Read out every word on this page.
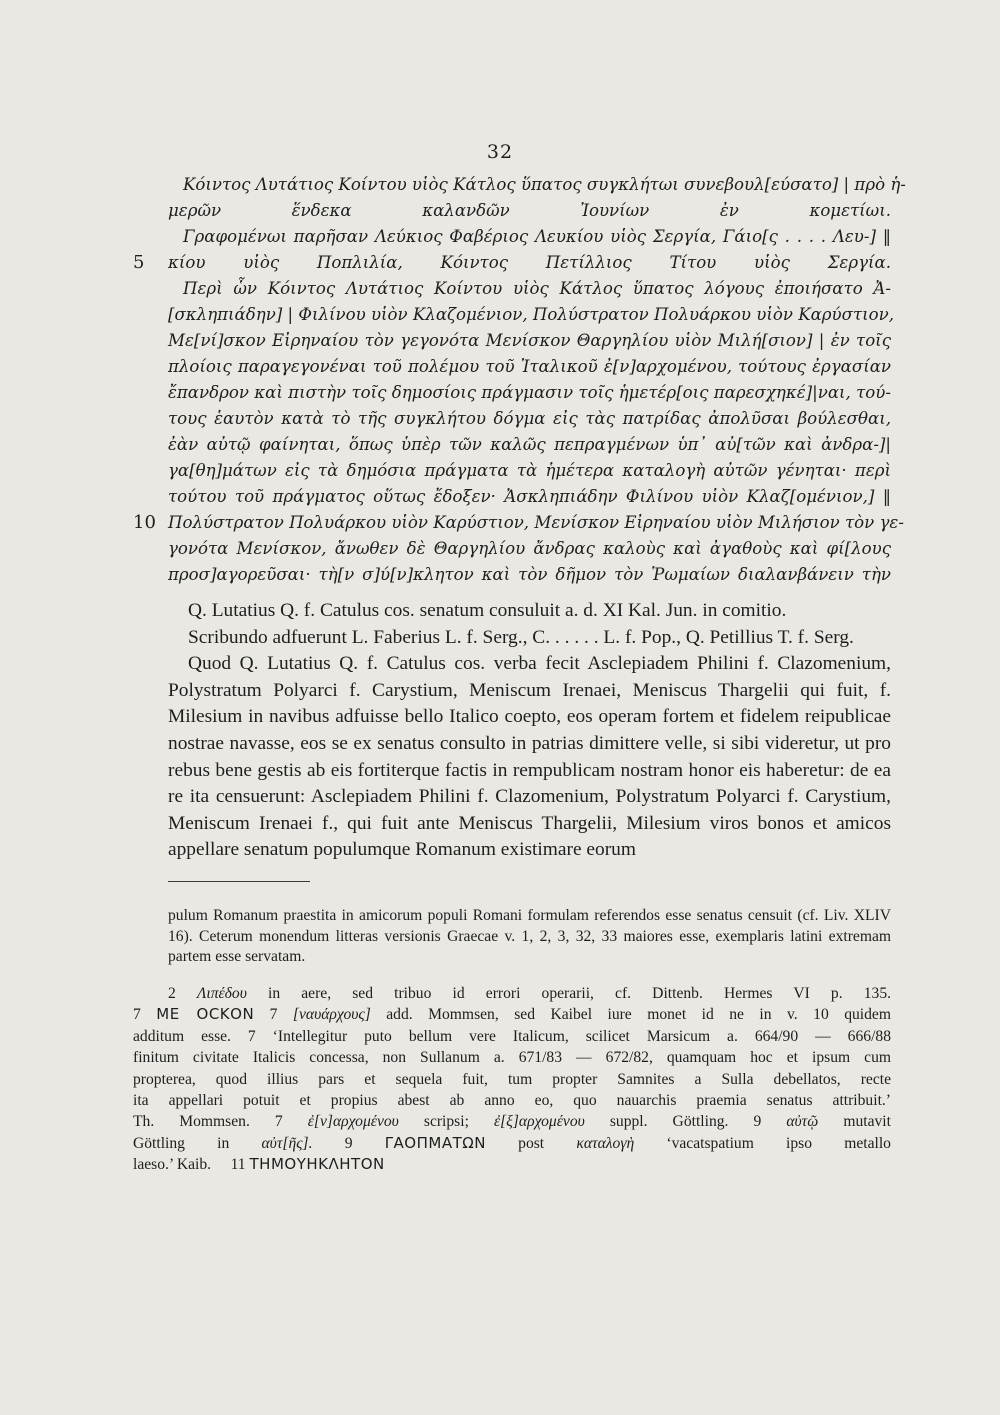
32
Κόιντος Λυτάτιος Κοίντου υἱὸς Κάτλος ὕπατος συγκλήτωι συνεβουλ[εύσατο] | πρὸ ἡ-
μερῶν ἕνδεκα καλανδῶν Ἰουνίων ἐν κομετίωι.
Γραφομένωι παρῆσαν Λεύκιος Φαβέριος Λευκίου υἱὸς Σεργία, Γάιο[ς . . . . Λευ-] ‖
5 κίου υἱὸς Ποπλιλία, Κόιντος Πετίλλιος Τίτου υἱὸς Σεργία.
Περὶ ὧν Κόιντος Λυτάτιος Κοίντου υἱὸς Κάτλος ὕπατος λόγους ἐποιήσατο Ἀ-
[σκληπιάδην] | Φιλίνου υἱὸν Κλαζομένιον, Πολύστρατον Πολυάρκου υἱὸν Καρύστιον,
Με[νί]σκον Εἰρηναίου τὸν γεγονότα Μενίσκον Θαργηλίου υἱὸν Μιλή[σιον] | ἐν τοῖς
πλοίοις παραγεγονέναι τοῦ πολέμου τοῦ Ἰταλικοῦ ἐ[ν]αρχομένου, τούτους ἐργασίαν
ἔπανδρον καὶ πιστὴν τοῖς δημοσίοις πράγμασιν τοῖς ἡμετέρ[οις παρεσχηκέ]|ναι, τού-
τους ἑαυτὸν κατὰ τὸ τῆς συγκλήτου δόγμα εἰς τὰς πατρίδας ἀπολῦσαι βούλεσθαι,
ἐὰν αὐτῷ φαίνηται, ὅπως ὑπὲρ τῶν καλῶς πεπραγμένων ὑπ᾽ αὐ[τῶν καὶ ἀνδρα-]|
γα[θη]μάτων εἰς τὰ δημόσια πράγματα τὰ ἡμέτερα καταλογὴ αὐτῶν γένηται· περὶ
τούτου τοῦ πράγματος οὕτως ἔδοξεν· Ἀσκληπιάδην Φιλίνου υἱὸν Κλαζ[ομένιον,] ‖
10 Πολύστρατον Πολυάρκου υἱὸν Καρύστιον, Μενίσκον Εἰρηναίου υἱὸν Μιλήσιον τὸν γε-
γονότα Μενίσκον, ἄνωθεν δὲ Θαργηλίου ἄνδρας καλοὺς καὶ ἀγαθοὺς καὶ φί[λους
προσ]αγορεῦσαι· τὴ[ν σ]ύ[ν]κλητον καὶ τὸν δῆμον τὸν Ῥωμαίων διαλανβάνειν τὴν

Q. Lutatius Q. f. Catulus cos. senatum consuluit a. d. XI Kal. Jun. in comitio.

Scribundo adfuerunt L. Faberius L. f. Serg., C. . . . . . L. f. Pop., Q. Petillius T. f. Serg.

Quod Q. Lutatius Q. f. Catulus cos. verba fecit Asclepiadem Philini f. Clazomenium, Polystratum Polyarci f. Carystium, Meniscum Irenaei, Meniscus Thargelii qui fuit, f. Milesium in navibus adfuisse bello Italico coepto, eos operam fortem et fidelem reipublicae nostrae navasse, eos se ex senatus consulto in patrias dimittere velle, si sibi videretur, ut pro rebus bene gestis ab eis fortiterque factis in rempublicam nostram honor eis haberetur: de ea re ita censuerunt: Asclepiadem Philini f. Clazomenium, Polystratum Polyarci f. Carystium, Meniscum Irenaei f., qui fuit ante Meniscus Thargelii, Milesium viros bonos et amicos appellare senatum populumque Romanum existimare eorum

pulum Romanum praestita in amicorum populi Romani formulam referendos esse senatus censuit (cf. Liv. XLIV 16). Ceterum monendum litteras versionis Graecae v. 1, 2, 3, 32, 33 maiores esse, exemplaris latini extremam partem esse servatam.

2 Λιπέδου in aere, sed tribuo id errori operarii, cf. Dittenb. Hermes VI p. 135.
7 ΜΕ ΟϹΚΟΝ 7 [ναυάρχους] add. Mommsen, sed Kaibel iure monet id ne in v. 10 quidem
additum esse. 7 ‘Intellegitur puto bellum vere Italicum, scilicet Marsicum a. 664/90 — 666/88
finitum civitate Italicis concessa, non Sullanum a. 671/83 — 672/82, quamquam hoc et ipsum cum
propterea, quod illius pars et sequela fuit, tum propter Samnites a Sulla debellatos, recte
ita appellari potuit et propius abest ab anno eo, quo nauarchis praemia senatus attribuit.’
Th. Mommsen. 7 ἐ[ν]αρχομένου scripsi; ἐ[ξ]αρχομένου suppl. Göttling. 9 αὐτῷ mutavit
Göttling in αὐτ[ῆς]. 9 ΓΑΟΠΜΑΤΩΝ post καταλογὴ ‘vacatspatium ipso metallo
laeso.’ Kaib. 11 ΤΗΜΟΥΗΚΛΗΤΟΝ
